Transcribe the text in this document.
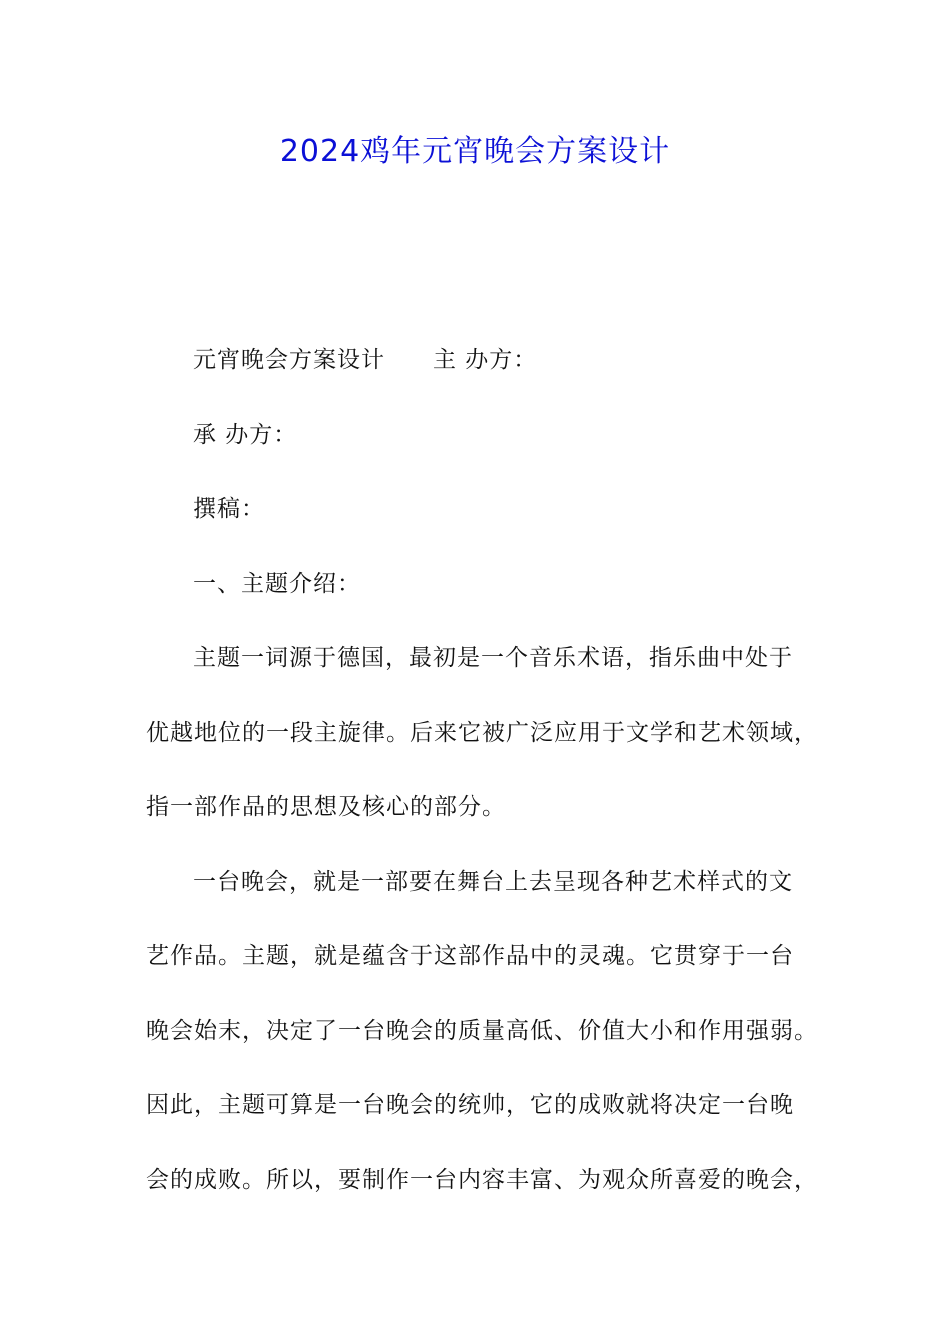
2024鸡年元宵晚会方案设计
元宵晚会方案设计 主 办方：
承 办方：
撰稿：
一、主题介绍：
主题一词源于德国，最初是一个音乐术语，指乐曲中处于
优越地位的一段主旋律。后来它被广泛应用于文学和艺术领域，
指一部作品的思想及核心的部分。
一台晚会，就是一部要在舞台上去呈现各种艺术样式的文
艺作品。主题，就是蕴含于这部作品中的灵魂。它贯穿于一台
晚会始末，决定了一台晚会的质量高低、价值大小和作用强弱。
因此，主题可算是一台晚会的统帅，它的成败就将决定一台晚
会的成败。所以，要制作一台内容丰富、为观众所喜爱的晚会，
